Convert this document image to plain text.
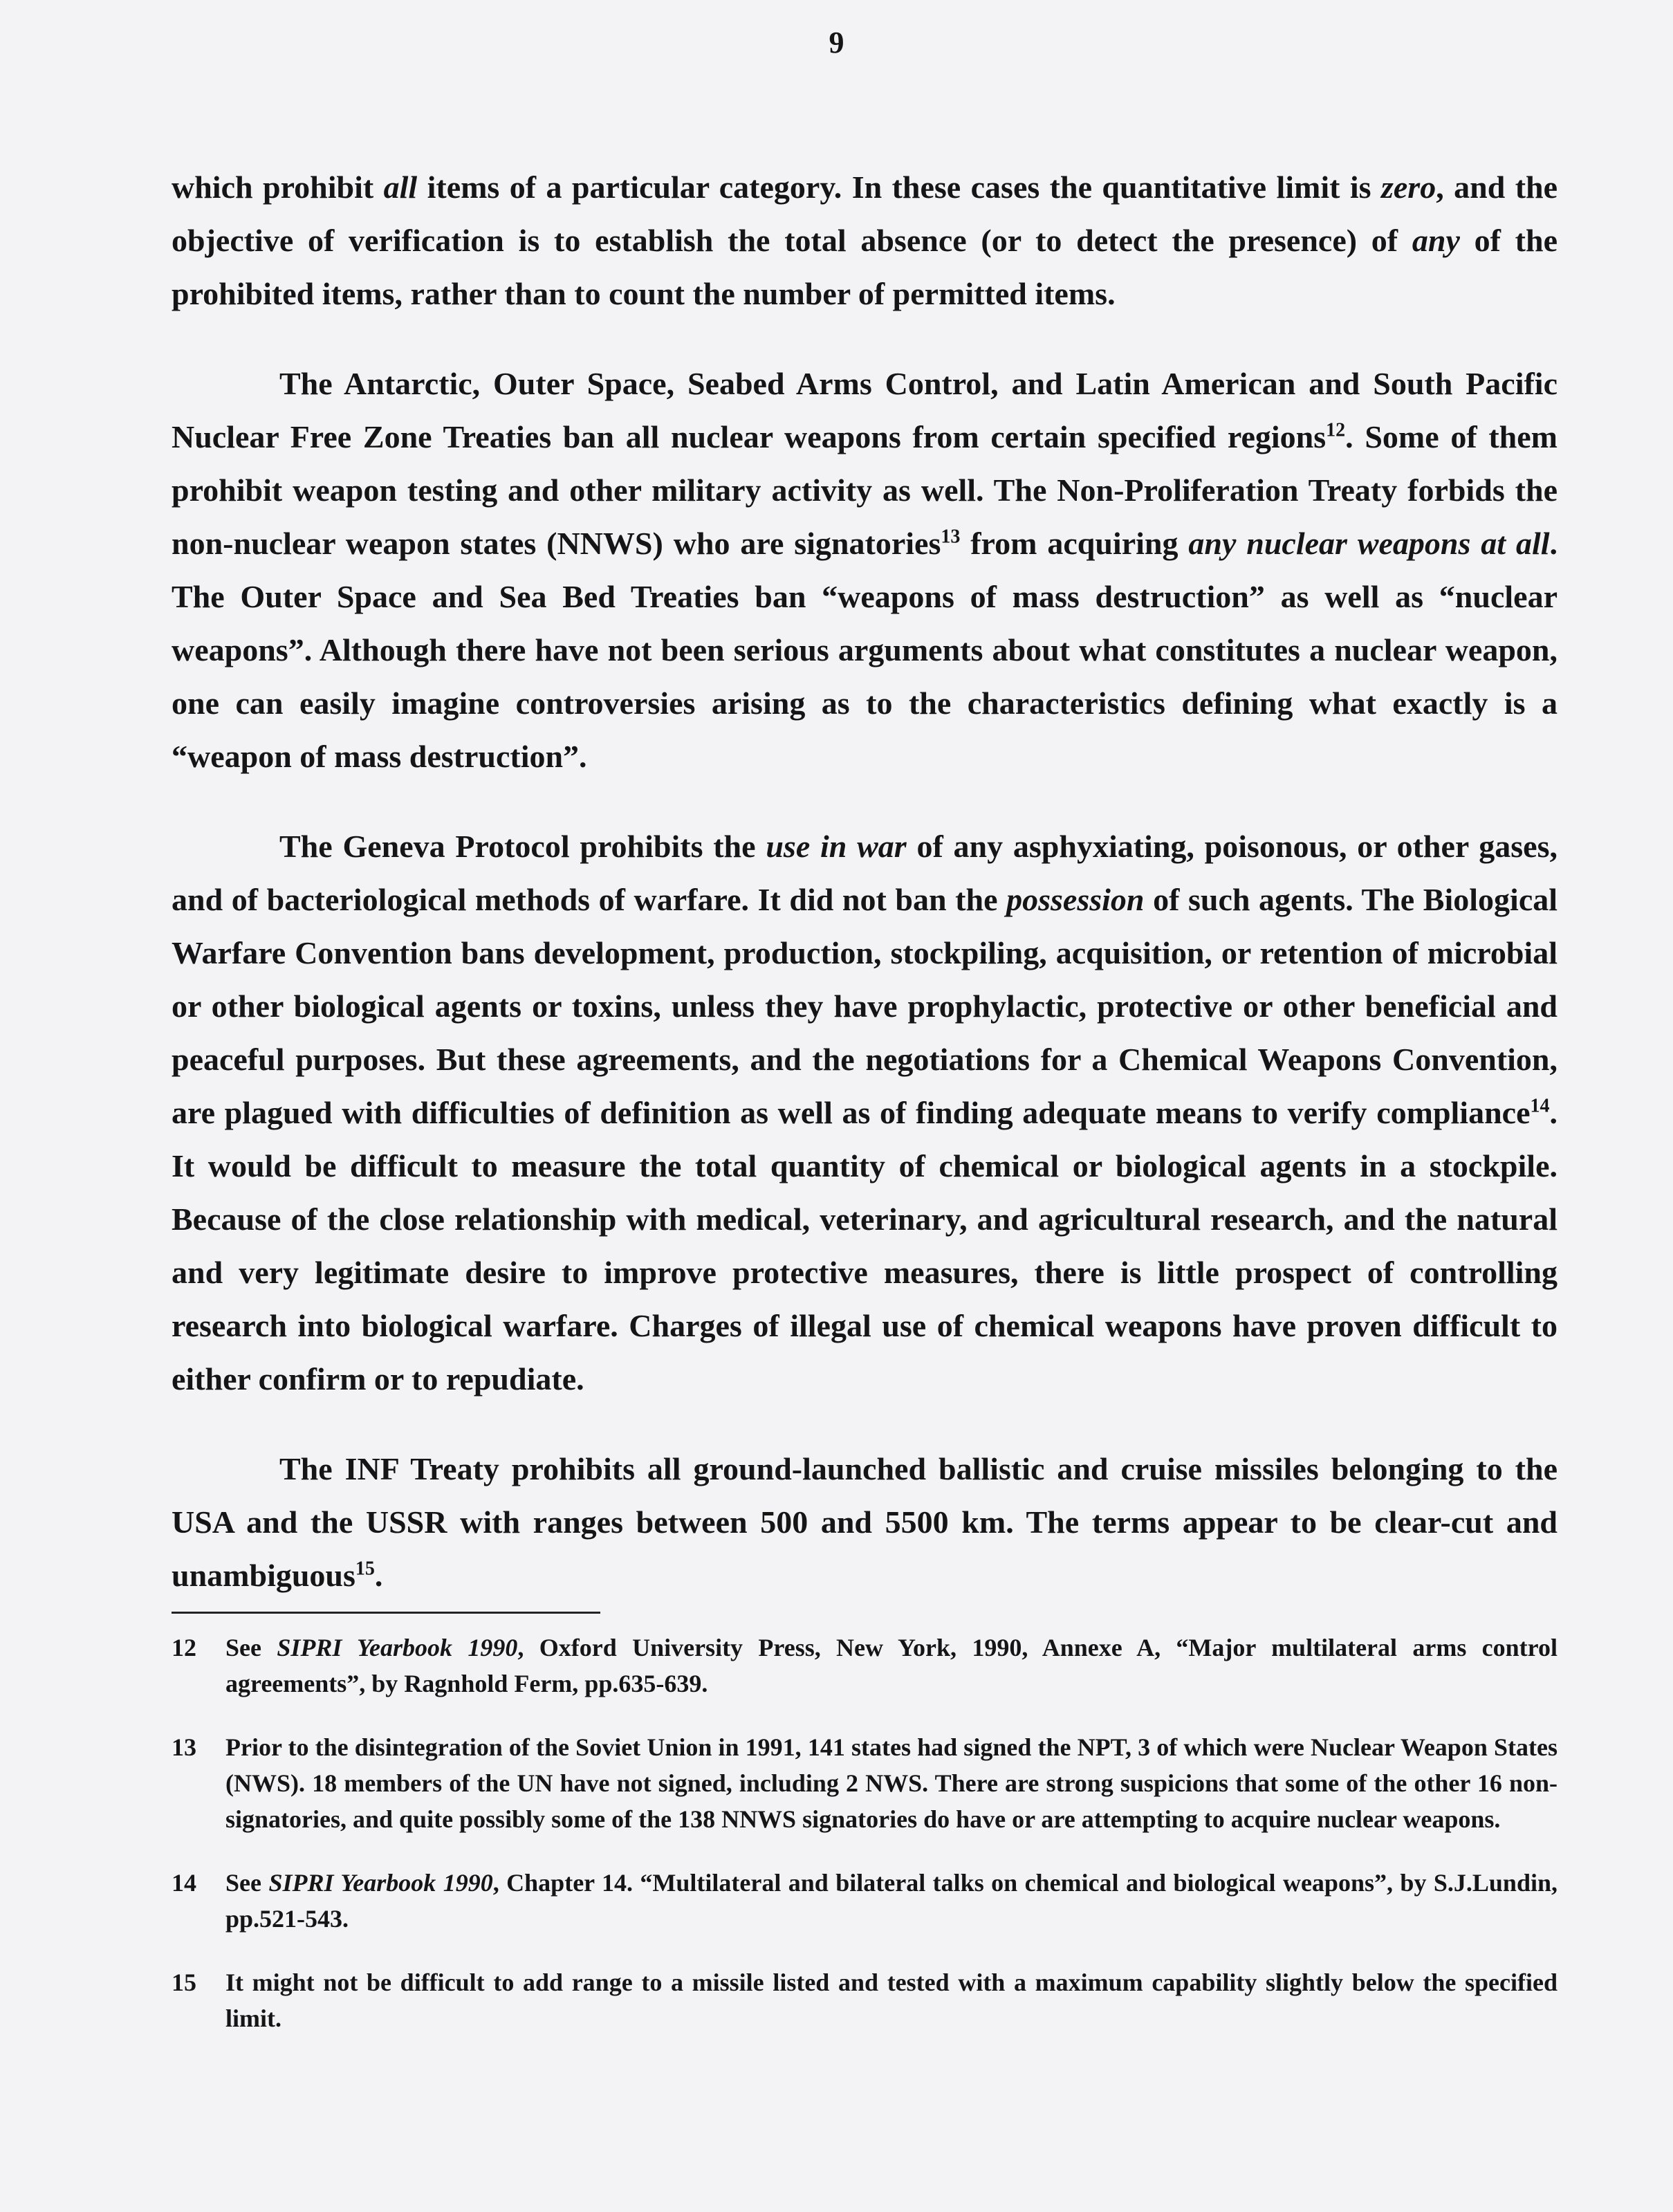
9

which prohibit all items of a particular category. In these cases the quantitative limit is zero, and the objective of verification is to establish the total absence (or to detect the presence) of any of the prohibited items, rather than to count the number of permitted items.

The Antarctic, Outer Space, Seabed Arms Control, and Latin American and South Pacific Nuclear Free Zone Treaties ban all nuclear weapons from certain specified regions$^{12}$. Some of them prohibit weapon testing and other military activity as well. The Non-Proliferation Treaty forbids the non-nuclear weapon states (NNWS) who are signatories$^{13}$ from acquiring any nuclear weapons at all. The Outer Space and Sea Bed Treaties ban “weapons of mass destruction” as well as “nuclear weapons”. Although there have not been serious arguments about what constitutes a nuclear weapon, one can easily imagine controversies arising as to the characteristics defining what exactly is a “weapon of mass destruction”.

The Geneva Protocol prohibits the use in war of any asphyxiating, poisonous, or other gases, and of bacteriological methods of warfare. It did not ban the possession of such agents. The Biological Warfare Convention bans development, production, stockpiling, acquisition, or retention of microbial or other biological agents or toxins, unless they have prophylactic, protective or other beneficial and peaceful purposes. But these agreements, and the negotiations for a Chemical Weapons Convention, are plagued with difficulties of definition as well as of finding adequate means to verify compliance$^{14}$. It would be difficult to measure the total quantity of chemical or biological agents in a stockpile. Because of the close relationship with medical, veterinary, and agricultural research, and the natural and very legitimate desire to improve protective measures, there is little prospect of controlling research into biological warfare. Charges of illegal use of chemical weapons have proven difficult to either confirm or to repudiate.

The INF Treaty prohibits all ground-launched ballistic and cruise missiles belonging to the USA and the USSR with ranges between 500 and 5500 km. The terms appear to be clear-cut and unambiguous$^{15}$.

12	See SIPRI Yearbook 1990, Oxford University Press, New York, 1990, Annexe A, “Major multilateral arms control agreements”, by Ragnhold Ferm, pp.635-639.
13	Prior to the disintegration of the Soviet Union in 1991, 141 states had signed the NPT, 3 of which were Nuclear Weapon States (NWS). 18 members of the UN have not signed, including 2 NWS. There are strong suspicions that some of the other 16 non-signatories, and quite possibly some of the 138 NNWS signatories do have or are attempting to acquire nuclear weapons.
14	See SIPRI Yearbook 1990, Chapter 14. “Multilateral and bilateral talks on chemical and biological weapons”, by S.J.Lundin, pp.521-543.
15	It might not be difficult to add range to a missile listed and tested with a maximum capability slightly below the specified limit.
